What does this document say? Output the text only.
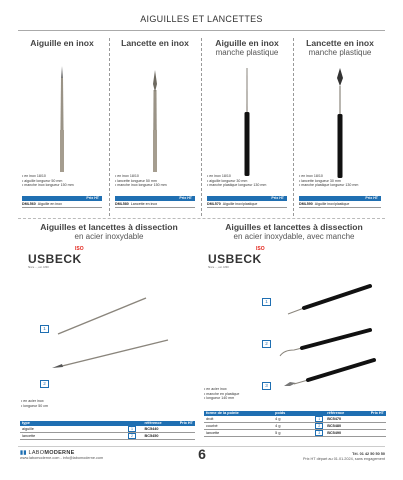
AIGUILLES ET LANCETTES
Aiguille en inox
• en inox 18/10
• aiguille longueur 50 mm
• manche inox longueur 150 mm
Prix HT
DML560 Aiguille en inox
Lancette en inox
• en inox 18/10
• lancette longueur 50 mm
• manche inox longueur 150 mm
Prix HT
DML580 Lancette en inox
Aiguille en inox
manche plastique
• en inox 18/10
• aiguille longueur 30 mm
• manche plastique longueur 130 mm
Prix HT
DML570 Aiguille inox/plastique
Lancette en inox
manche plastique
• en inox 18/10
• lancette longueur 30 mm
• manche plastique longueur 130 mm
Prix HT
DML590 Aiguille inox/plastique
Aiguilles et lancettes à dissection
en acier inoxydable
ISO
USBECK
Since ..., est. 1890
1
2
• en acier inox
• longueur 50 cm
type		référence	Prix HT
aiguille	1	BC5440	
lancette	2	BC5450	
Aiguilles et lancettes à dissection
en acier inoxydable, avec manche
ISO
USBECK
Since ..., est. 1890
1
2
3
• en acier inox
• manche en plastique
• longueur 140 mm
forme de la pointe	poids		référence	Prix HT
droit	4 g	1	BC5470	
courbé	4 g	2	BC5480	
lancette	5 g	3	BC5490	
▮▮ LABOMODERNE
www.labomoderne.com - info@labomoderne.com	6	Tél. 01 42 50 50 50
Prix HT départ au 01.01.2024, sans engagement
